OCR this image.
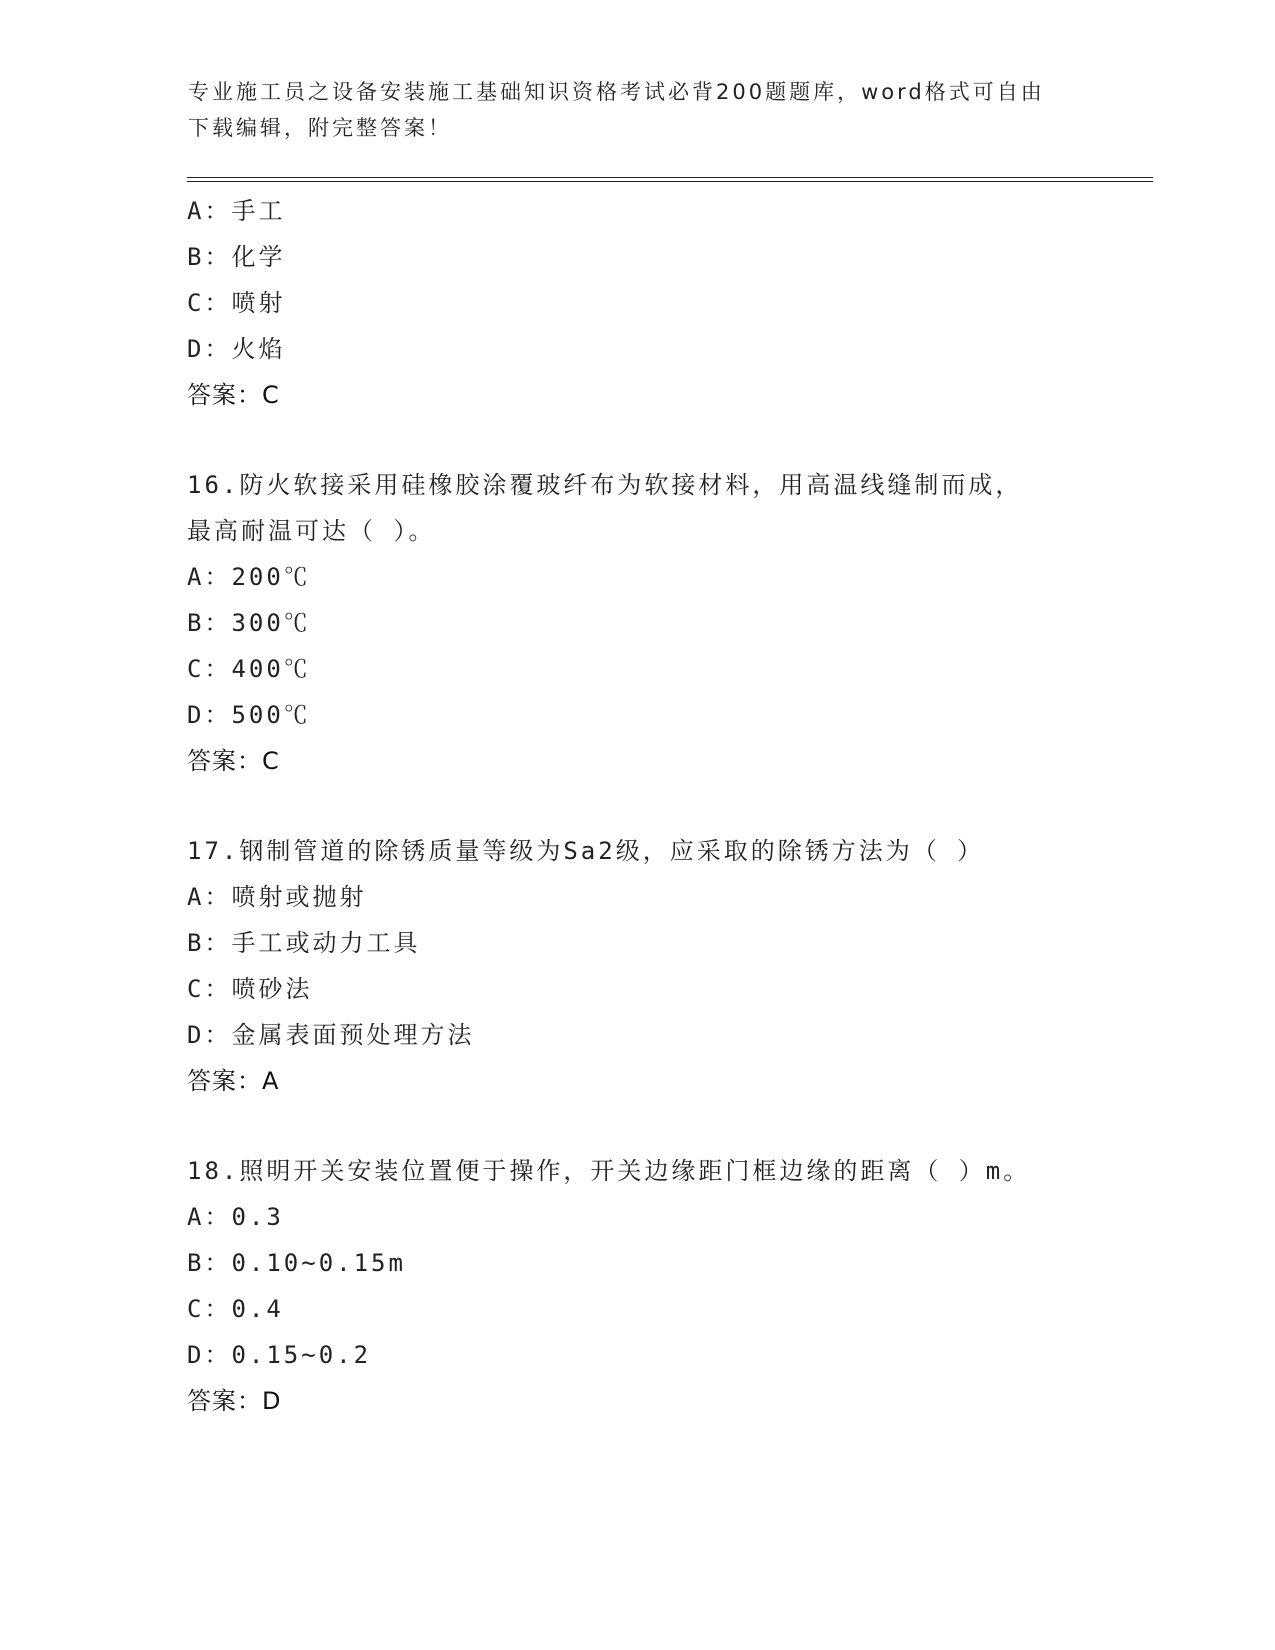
专业施工员之设备安装施工基础知识资格考试必背200题题库，word格式可自由
下载编辑，附完整答案！
A：手工
B：化学
C：喷射
D：火焰
答案：C
16.防火软接采用硅橡胶涂覆玻纤布为软接材料，用高温线缝制而成，
最高耐温可达（ ）。
A：200℃
B：300℃
C：400℃
D：500℃
答案：C
17.钢制管道的除锈质量等级为Sa2级，应采取的除锈方法为（ ）
A：喷射或抛射
B：手工或动力工具
C：喷砂法
D：金属表面预处理方法
答案：A
18.照明开关安装位置便于操作，开关边缘距门框边缘的距离（ ）m。
A：0.3
B：0.10~0.15m
C：0.4
D：0.15~0.2
答案：D
